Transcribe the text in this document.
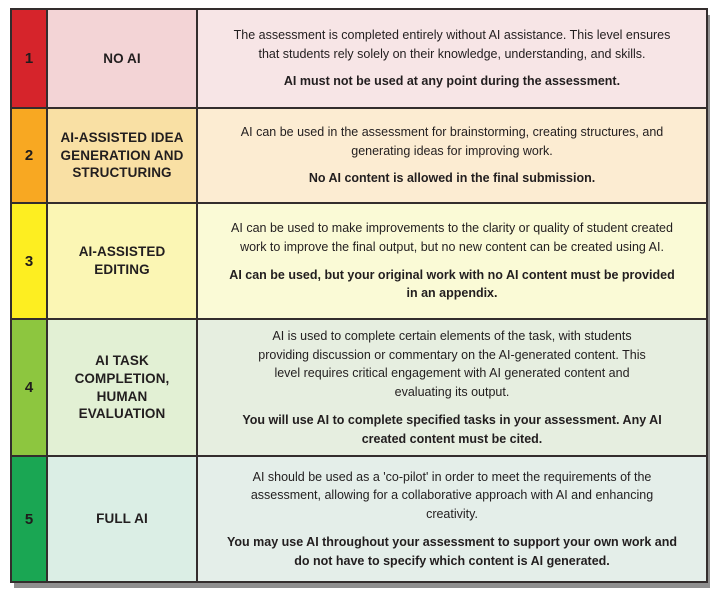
1	NO AI

The assessment is completed entirely without AI assistance. This level ensures that students rely solely on their knowledge, understanding, and skills.

AI must not be used at any point during the assessment.

2
AI-ASSISTED IDEA GENERATION AND STRUCTURING

AI can be used in the assessment for brainstorming, creating structures, and generating ideas for improving work.

No AI content is allowed in the final submission.

3
AI-ASSISTED EDITING

AI can be used to make improvements to the clarity or quality of student created work to improve the final output, but no new content can be created using AI.

AI can be used, but your original work with no AI content must be provided in an appendix.

4
AI TASK COMPLETION, HUMAN EVALUATION

AI is used to complete certain elements of the task, with students providing discussion or commentary on the AI-generated content. This level requires critical engagement with AI generated content and evaluating its output.

You will use AI to complete specified tasks in your assessment. Any AI created content must be cited.

5	FULL AI

AI should be used as a 'co-pilot' in order to meet the requirements of the assessment, allowing for a collaborative approach with AI and enhancing creativity.

You may use AI throughout your assessment to support your own work and do not have to specify which content is AI generated.
